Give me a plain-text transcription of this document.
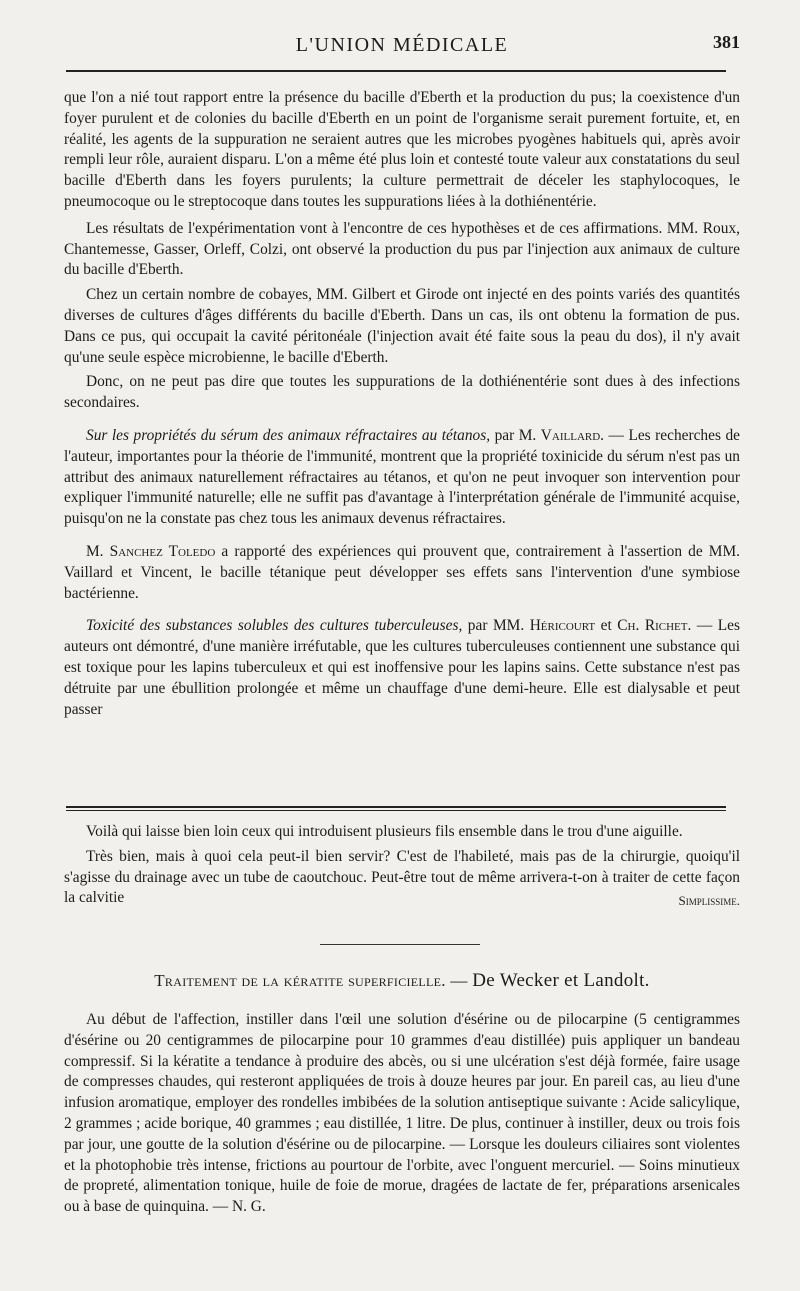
L'UNION MÉDICALE	381

que l'on a nié tout rapport entre la présence du bacille d'Eberth et la production du pus; la coexistence d'un foyer purulent et de colonies du bacille d'Eberth en un point de l'organisme serait purement fortuite, et, en réalité, les agents de la suppuration ne seraient autres que les microbes pyogènes habituels qui, après avoir rempli leur rôle, auraient disparu. L'on a même été plus loin et contesté toute valeur aux constatations du seul bacille d'Eberth dans les foyers purulents; la culture permettrait de déceler les staphylocoques, le pneumocoque ou le streptocoque dans toutes les suppurations liées à la dothiénentérie.

Les résultats de l'expérimentation vont à l'encontre de ces hypothèses et de ces affirmations. MM. Roux, Chantemesse, Gasser, Orleff, Colzi, ont observé la production du pus par l'injection aux animaux de culture du bacille d'Eberth.

Chez un certain nombre de cobayes, MM. Gilbert et Girode ont injecté en des points variés des quantités diverses de cultures d'âges différents du bacille d'Eberth. Dans un cas, ils ont obtenu la formation de pus. Dans ce pus, qui occupait la cavité péritonéale (l'injection avait été faite sous la peau du dos), il n'y avait qu'une seule espèce microbienne, le bacille d'Eberth.

Donc, on ne peut pas dire que toutes les suppurations de la dothiénentérie sont dues à des infections secondaires.

Sur les propriétés du sérum des animaux réfractaires au tétanos, par M. Vaillard. — Les recherches de l'auteur, importantes pour la théorie de l'immunité, montrent que la propriété toxinicide du sérum n'est pas un attribut des animaux naturellement réfractaires au tétanos, et qu'on ne peut invoquer son intervention pour expliquer l'immunité naturelle; elle ne suffit pas d'avantage à l'interprétation générale de l'immunité acquise, puisqu'on ne la constate pas chez tous les animaux devenus réfractaires.

M. Sanchez Toledo a rapporté des expériences qui prouvent que, contrairement à l'assertion de MM. Vaillard et Vincent, le bacille tétanique peut développer ses effets sans l'intervention d'une symbiose bactérienne.

Toxicité des substances solubles des cultures tuberculeuses, par MM. Héricourt et Ch. Richet. — Les auteurs ont démontré, d'une manière irréfutable, que les cultures tuberculeuses contiennent une substance qui est toxique pour les lapins tuberculeux et qui est inoffensive pour les lapins sains. Cette substance n'est pas détruite par une ébullition prolongée et même un chauffage d'une demi-heure. Elle est dialysable et peut passer

Voilà qui laisse bien loin ceux qui introduisent plusieurs fils ensemble dans le trou d'une aiguille.

Très bien, mais à quoi cela peut-il bien servir? C'est de l'habileté, mais pas de la chirurgie, quoiqu'il s'agisse du drainage avec un tube de caoutchouc. Peut-être tout de même arrivera-t-on à traiter de cette façon la calvitie	Simplissime.

Traitement de la kératite superficielle. — De Wecker et Landolt.

Au début de l'affection, instiller dans l'œil une solution d'ésérine ou de pilocarpine (5 centigrammes d'ésérine ou 20 centigrammes de pilocarpine pour 10 grammes d'eau distillée) puis appliquer un bandeau compressif. Si la kératite a tendance à produire des abcès, ou si une ulcération s'est déjà formée, faire usage de compresses chaudes, qui resteront appliquées de trois à douze heures par jour. En pareil cas, au lieu d'une infusion aromatique, employer des rondelles imbibées de la solution antiseptique suivante : Acide salicylique, 2 grammes ; acide borique, 40 grammes ; eau distillée, 1 litre. De plus, continuer à instiller, deux ou trois fois par jour, une goutte de la solution d'ésérine ou de pilocarpine. — Lorsque les douleurs ciliaires sont violentes et la photophobie très intense, frictions au pourtour de l'orbite, avec l'onguent mercuriel. — Soins minutieux de propreté, alimentation tonique, huile de foie de morue, dragées de lactate de fer, préparations arsenicales ou à base de quinquina. — N. G.
